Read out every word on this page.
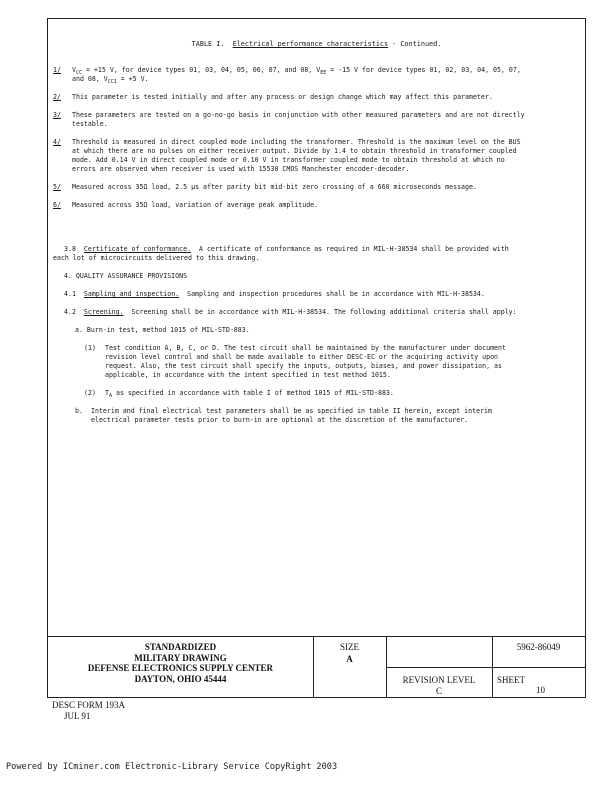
TABLE I. Electrical performance characteristics - Continued.
1/ $V_{CC} = +15$ V, for device types 01, 03, 04, 05, 06, 07, and 08, $V_{EE} = -15$ V for device types 01, 02, 03, 04, 05, 07,
and 08, $V_{CC1} = +5$ V.
2/ This parameter is tested initially and after any process or design change which may affect this parameter.
3/ These parameters are tested on a go-no-go basis in conjunction with other measured parameters and are not directly
testable.
4/ Threshold is measured in direct coupled mode including the transformer. Threshold is the maximum level on the BUS
at which there are no pulses on either receiver output. Divide by 1.4 to obtain threshold in transformer coupled
mode. Add 0.14 V in direct coupled mode or 0.10 V in transformer coupled mode to obtain threshold at which no
errors are observed when receiver is used with 15530 CMOS Manchester encoder-decoder.
5/ Measured across 35Ω load, 2.5 μs after parity bit mid-bit zero crossing of a 660 microseconds message.
6/ Measured across 35Ω load, variation of average peak amplitude.
3.8 Certificate of conformance. A certificate of conformance as required in MIL-H-38534 shall be provided with
each lot of microcircuits delivered to this drawing.
4. QUALITY ASSURANCE PROVISIONS
4.1 Sampling and inspection. Sampling and inspection procedures shall be in accordance with MIL-H-38534.
4.2 Screening. Screening shall be in accordance with MIL-H-38534. The following additional criteria shall apply:
a. Burn-in test, method 1015 of MIL-STD-883.
(1) Test condition A, B, C, or D. The test circuit shall be maintained by the manufacturer under document
revision level control and shall be made available to either DESC-EC or the acquiring activity upon
request. Also, the test circuit shall specify the inputs, outputs, biases, and power dissipation, as
applicable, in accordance with the intent specified in test method 1015.
(2) $T_A$ as specified in accordance with table I of method 1015 of MIL-STD-883.
b. Interim and final electrical test parameters shall be as specified in table II herein, except interim
electrical parameter tests prior to burn-in are optional at the discretion of the manufacturer.
STANDARDIZED
MILITARY DRAWING
DEFENSE ELECTRONICS SUPPLY CENTER
DAYTON, OHIO 45444
SIZE
A
5962-86049
REVISION LEVEL
C
SHEET
10
DESC FORM 193A
JUL 91
Powered by ICminer.com Electronic-Library Service CopyRight 2003
